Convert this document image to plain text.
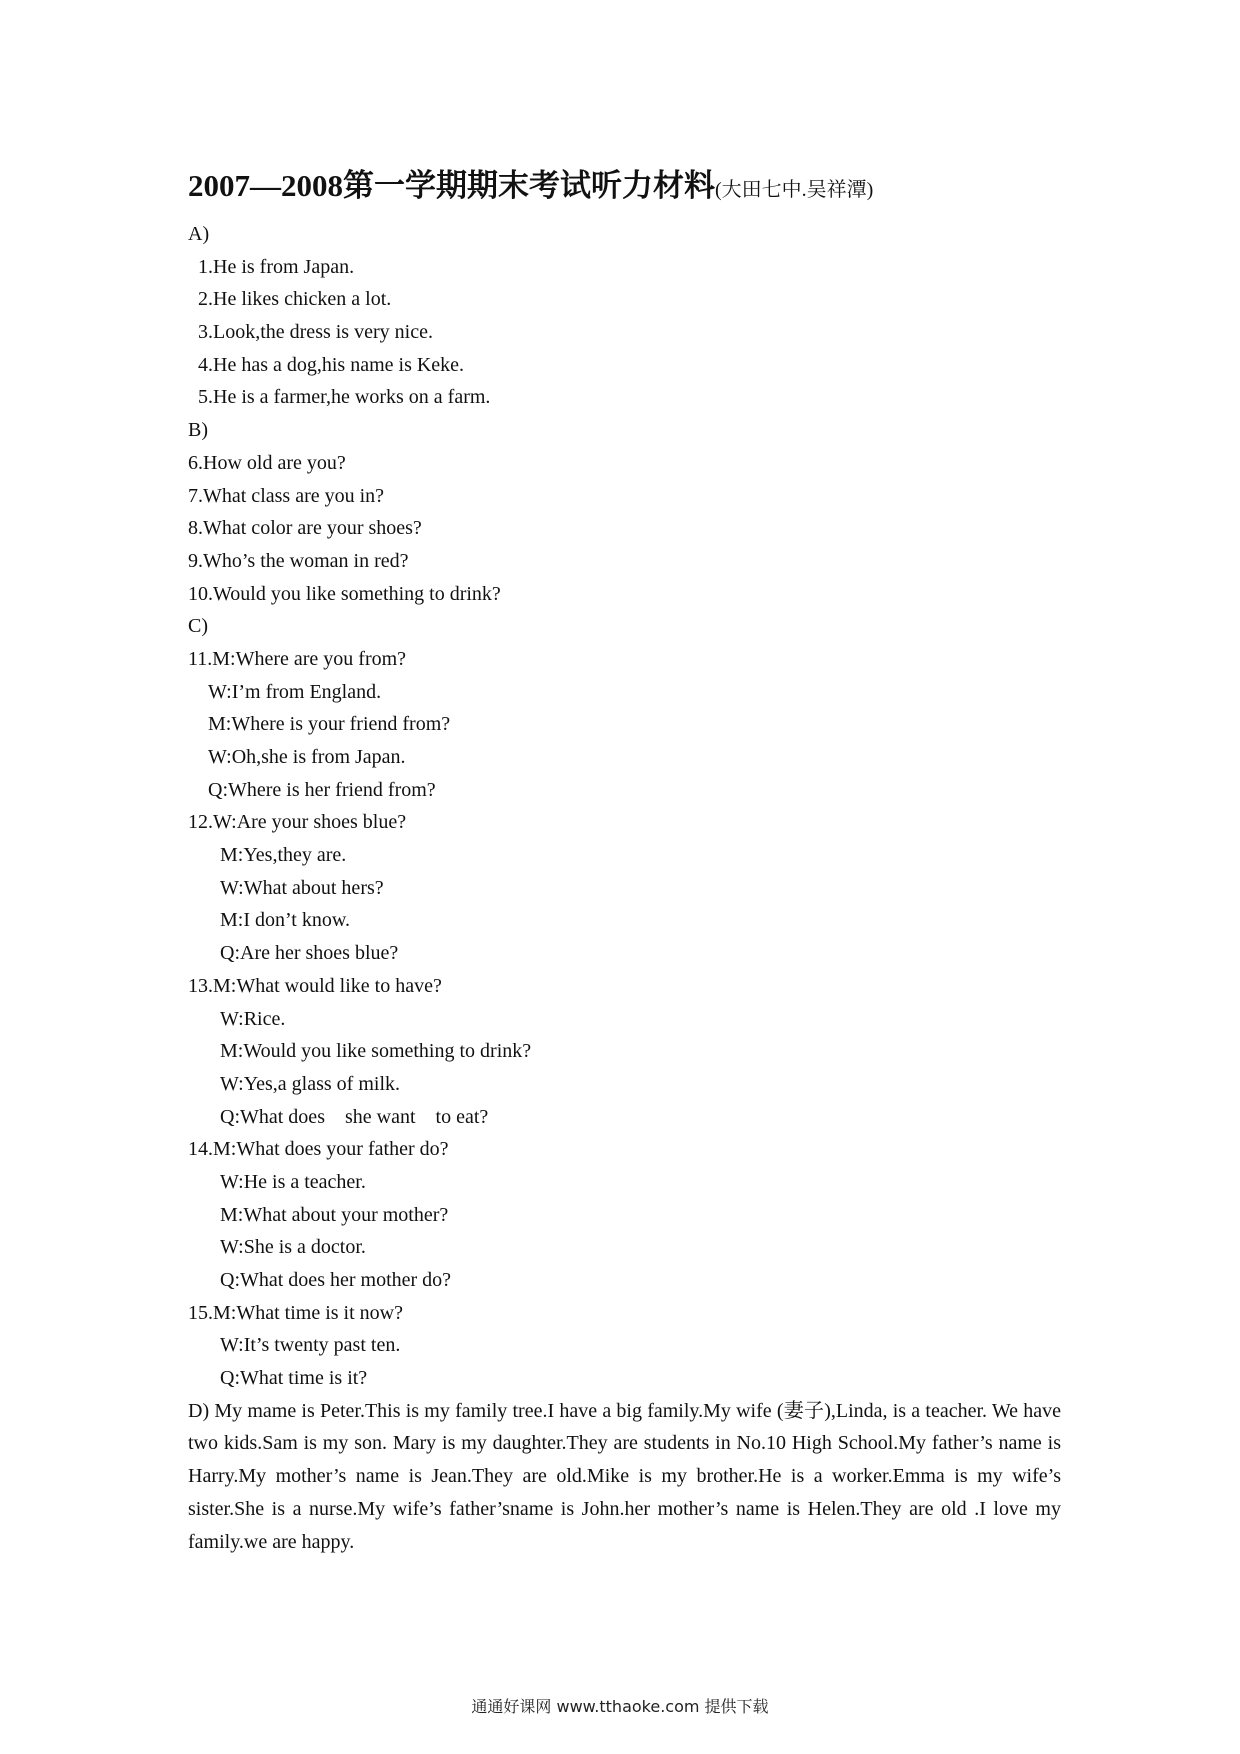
2007—2008第一学期期末考试听力材料(大田七中.吴祥潭)
A)
1.He is from Japan.
2.He likes chicken a lot.
3.Look,the dress is very nice.
4.He has a dog,his name is Keke.
5.He is a farmer,he works on a farm.
B)
6.How old are you?
7.What class are you in?
8.What color are your shoes?
9.Who’s the woman in red?
10.Would you like something to drink?
C)
11.M:Where are you from?
W:I’m from England.
M:Where is your friend from?
W:Oh,she is from Japan.
Q:Where is her friend from?
12.W:Are your shoes blue?
M:Yes,they are.
W:What about hers?
M:I don’t know.
Q:Are her shoes blue?
13.M:What would like to have?
W:Rice.
M:Would you like something to drink?
W:Yes,a glass of milk.
Q:What does    she want    to eat?
14.M:What does your father do?
W:He is a teacher.
M:What about your mother?
W:She is a doctor.
Q:What does her mother do?
15.M:What time is it now?
W:It’s twenty past ten.
Q:What time is it?
D) My mame is Peter.This is my family tree.I have a big family.My wife (妻子),Linda, is a teacher. We have two kids.Sam is my son. Mary is my daughter.They are students in No.10 High School.My father’s name is Harry.My mother’s name is Jean.They are old.Mike is my brother.He is a worker.Emma is my wife’s sister.She is a nurse.My wife’s father’sname is John.her mother’s name is Helen.They are old .I love my family.we are happy.
通通好课网 www.tthaoke.com 提供下载
